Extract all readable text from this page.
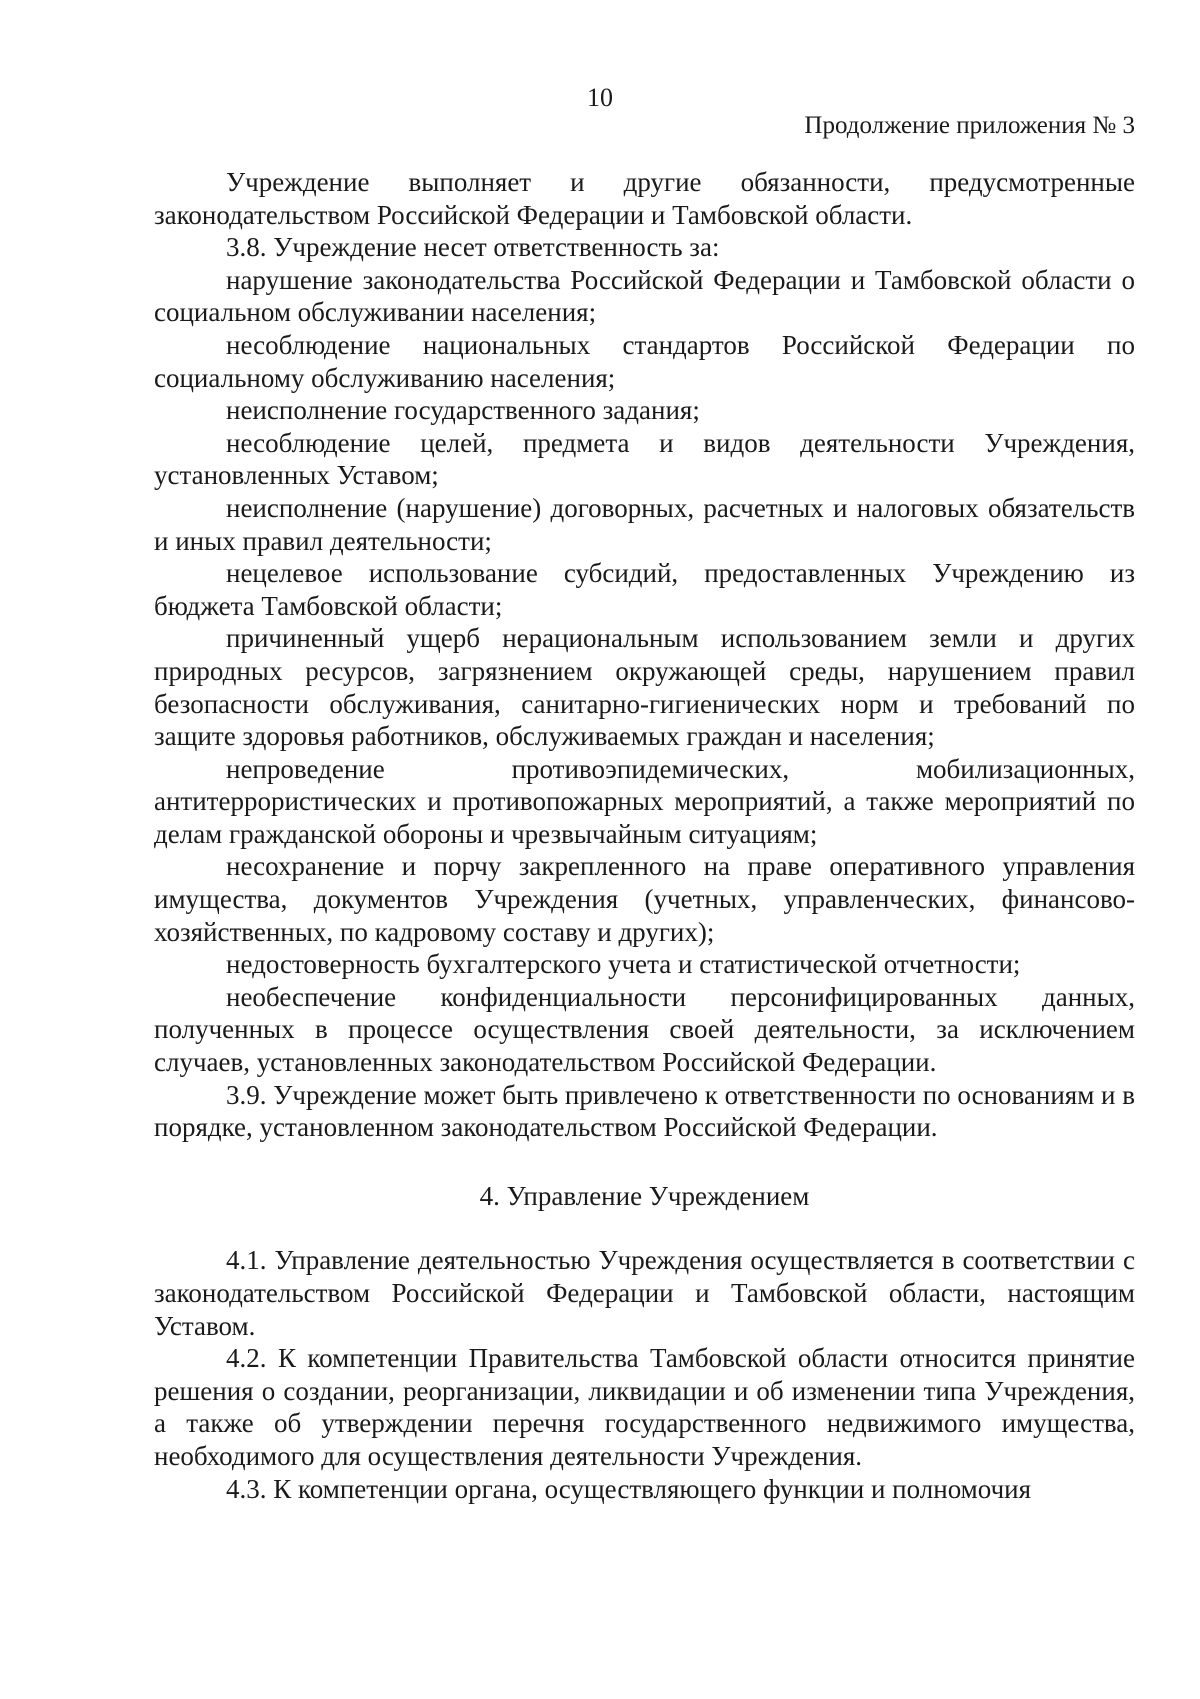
10

Продолжение приложения № 3

Учреждение выполняет и другие обязанности, предусмотренные законодательством Российской Федерации и Тамбовской области.

3.8. Учреждение несет ответственность за:

нарушение законодательства Российской Федерации и Тамбовской области о социальном обслуживании населения;

несоблюдение национальных стандартов Российской Федерации по социальному обслуживанию населения;

неисполнение государственного задания;

несоблюдение целей, предмета и видов деятельности Учреждения, установленных Уставом;

неисполнение (нарушение) договорных, расчетных и налоговых обязательств и иных правил деятельности;

нецелевое использование субсидий, предоставленных Учреждению из бюджета Тамбовской области;

причиненный ущерб нерациональным использованием земли и других природных ресурсов, загрязнением окружающей среды, нарушением правил безопасности обслуживания, санитарно-гигиенических норм и требований по защите здоровья работников, обслуживаемых граждан и населения;

непроведение противоэпидемических, мобилизационных, антитеррористических и противопожарных мероприятий, а также мероприятий по делам гражданской обороны и чрезвычайным ситуациям;

несохранение и порчу закрепленного на праве оперативного управления имущества, документов Учреждения (учетных, управленческих, финансово-хозяйственных, по кадровому составу и других);

недостоверность бухгалтерского учета и статистической отчетности;

необеспечение конфиденциальности персонифицированных данных, полученных в процессе осуществления своей деятельности, за исключением случаев, установленных законодательством Российской Федерации.

3.9. Учреждение может быть привлечено к ответственности по основаниям и в порядке, установленном законодательством Российской Федерации.

4. Управление Учреждением

4.1. Управление деятельностью Учреждения осуществляется в соответствии с законодательством Российской Федерации и Тамбовской области, настоящим Уставом.

4.2. К компетенции Правительства Тамбовской области относится принятие решения о создании, реорганизации, ликвидации и об изменении типа Учреждения, а также об утверждении перечня государственного недвижимого имущества, необходимого для осуществления деятельности Учреждения.

4.3. К компетенции органа, осуществляющего функции и полномочия
